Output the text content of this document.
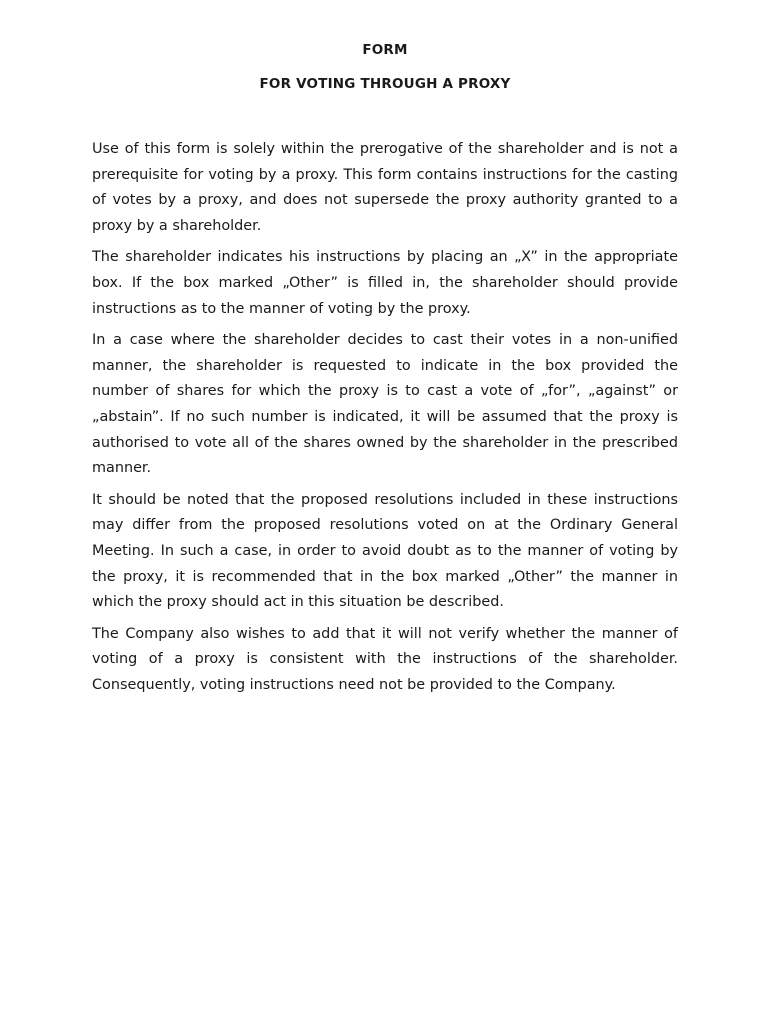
FORM
FOR VOTING THROUGH A PROXY

Use of this form is solely within the prerogative of the shareholder and is not a prerequisite for voting by a proxy. This form contains instructions for the casting of votes by a proxy, and does not supersede the proxy authority granted to a proxy by a shareholder.

The shareholder indicates his instructions by placing an „X” in the appropriate box. If the box marked „Other” is filled in, the shareholder should provide instructions as to the manner of voting by the proxy.

In a case where the shareholder decides to cast their votes in a non-unified manner, the shareholder is requested to indicate in the box provided the number of shares for which the proxy is to cast a vote of „for”, „against” or „abstain”. If no such number is indicated, it will be assumed that the proxy is authorised to vote all of the shares owned by the shareholder in the prescribed manner.

It should be noted that the proposed resolutions included in these instructions may differ from the proposed resolutions voted on at the Ordinary General Meeting. In such a case, in order to avoid doubt as to the manner of voting by the proxy, it is recommended that in the box marked „Other” the manner in which the proxy should act in this situation be described.

The Company also wishes to add that it will not verify whether the manner of voting of a proxy is consistent with the instructions of the shareholder. Consequently, voting instructions need not be provided to the Company.
